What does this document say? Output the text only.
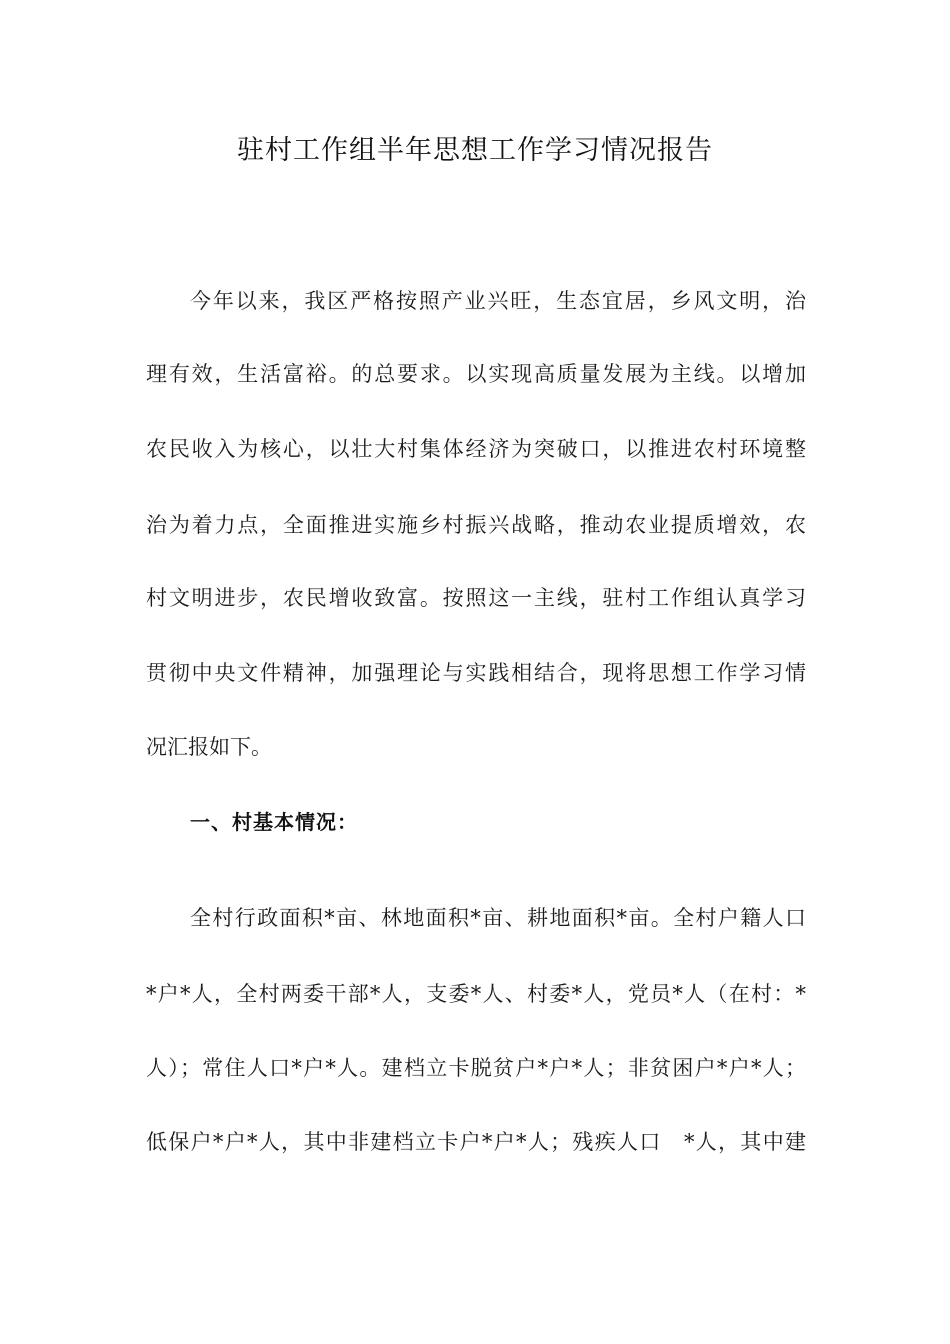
驻村工作组半年思想工作学习情况报告
今年以来，我区严格按照产业兴旺，生态宜居，乡风文明，治
理有效，生活富裕。的总要求。以实现高质量发展为主线。以增加
农民收入为核心，以壮大村集体经济为突破口，以推进农村环境整
治为着力点，全面推进实施乡村振兴战略，推动农业提质增效，农
村文明进步，农民增收致富。按照这一主线，驻村工作组认真学习
贯彻中央文件精神，加强理论与实践相结合，现将思想工作学习情
况汇报如下。
一、村基本情况：
全村行政面积*亩、林地面积*亩、耕地面积*亩。全村户籍人口
*户*人，全村两委干部*人，支委*人、村委*人，党员*人（在村：*
人）；常住人口*户*人。建档立卡脱贫户*户*人；非贫困户*户*人；
低保户*户*人，其中非建档立卡户*户*人；残疾人口　*人，其中建
